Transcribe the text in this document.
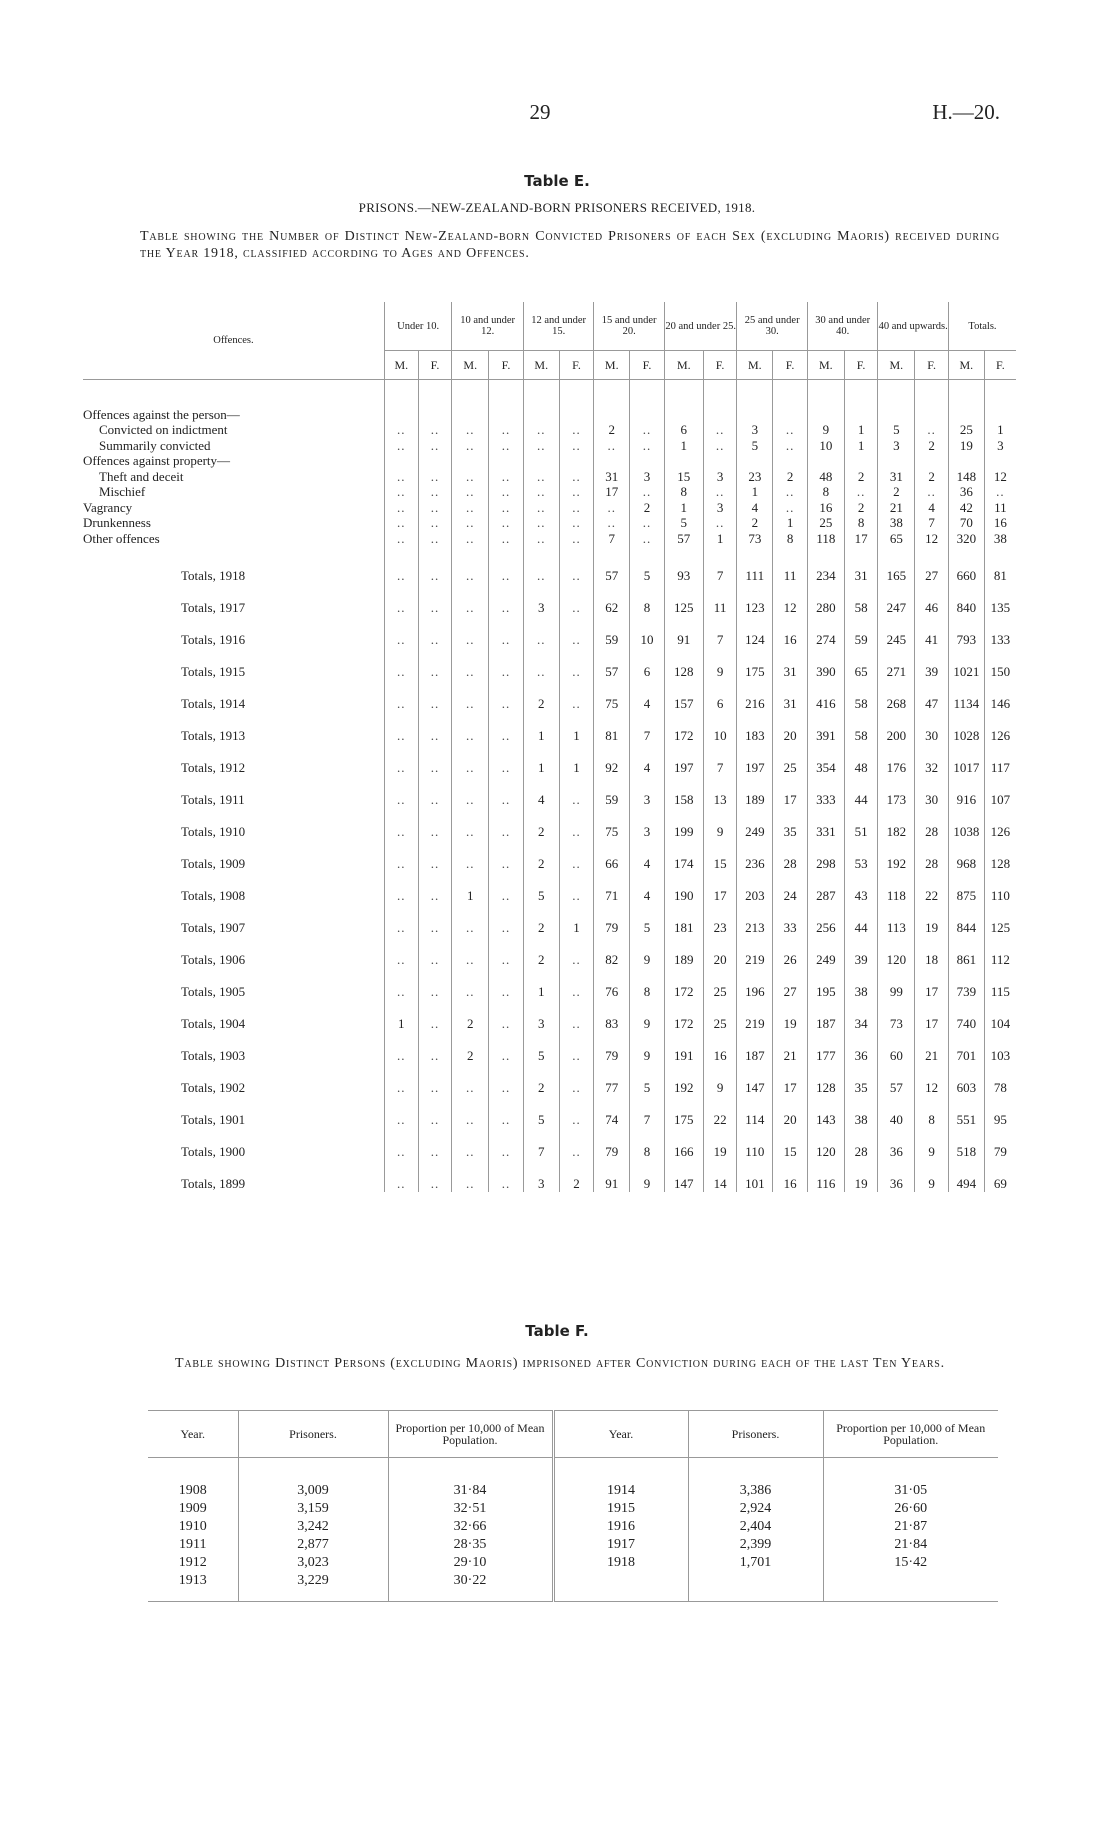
29	H.—20.
Table E.
PRISONS.—NEW-ZEALAND-BORN PRISONERS RECEIVED, 1918.
Table showing the Number of Distinct New-Zealand-born Convicted Prisoners of each Sex (excluding Maoris) received during the Year 1918, classified according to Ages and Offences.
Offences.	Under 10.		10 and under 12.		12 and under 15.		15 and under 20.		20 and under 25.		25 and under 30.		30 and under 40.		40 and upwards.		Totals.	
	M.	F.	M.	F.	M.	F.	M.	F.	M.	F.	M.	F.	M.	F.	M.	F.	M.	F.

Offences against the person—																		
Convicted on indictment	..	..	..	..	..	..	2	..	6	..	3	..	9	1	5	..	25	1
Summarily convicted	..	..	..	..	..	..	..	..	1	..	5	..	10	1	3	2	19	3
Offences against property—																		
Theft and deceit	..	..	..	..	..	..	31	3	15	3	23	2	48	2	31	2	148	12
Mischief	..	..	..	..	..	..	17	..	8	..	1	..	8	..	2	..	36	..
Vagrancy	..	..	..	..	..	..	..	2	1	3	4	..	16	2	21	4	42	11
Drunkenness	..	..	..	..	..	..	..	..	5	..	2	1	25	8	38	7	70	16
Other offences	..	..	..	..	..	..	7	..	57	1	73	8	118	17	65	12	320	38
Totals, 1918	..	..	..	..	..	..	57	5	93	7	111	11	234	31	165	27	660	81
Totals, 1917	..	..	..	..	3	..	62	8	125	11	123	12	280	58	247	46	840	135
Totals, 1916	..	..	..	..	..	..	59	10	91	7	124	16	274	59	245	41	793	133
Totals, 1915	..	..	..	..	..	..	57	6	128	9	175	31	390	65	271	39	1021	150
Totals, 1914	..	..	..	..	2	..	75	4	157	6	216	31	416	58	268	47	1134	146
Totals, 1913	..	..	..	..	1	1	81	7	172	10	183	20	391	58	200	30	1028	126
Totals, 1912	..	..	..	..	1	1	92	4	197	7	197	25	354	48	176	32	1017	117
Totals, 1911	..	..	..	..	4	..	59	3	158	13	189	17	333	44	173	30	916	107
Totals, 1910	..	..	..	..	2	..	75	3	199	9	249	35	331	51	182	28	1038	126
Totals, 1909	..	..	..	..	2	..	66	4	174	15	236	28	298	53	192	28	968	128
Totals, 1908	..	..	1	..	5	..	71	4	190	17	203	24	287	43	118	22	875	110
Totals, 1907	..	..	..	..	2	1	79	5	181	23	213	33	256	44	113	19	844	125
Totals, 1906	..	..	..	..	2	..	82	9	189	20	219	26	249	39	120	18	861	112
Totals, 1905	..	..	..	..	1	..	76	8	172	25	196	27	195	38	99	17	739	115
Totals, 1904	1	..	2	..	3	..	83	9	172	25	219	19	187	34	73	17	740	104
Totals, 1903	..	..	2	..	5	..	79	9	191	16	187	21	177	36	60	21	701	103
Totals, 1902	..	..	..	..	2	..	77	5	192	9	147	17	128	35	57	12	603	78
Totals, 1901	..	..	..	..	5	..	74	7	175	22	114	20	143	38	40	8	551	95
Totals, 1900	..	..	..	..	7	..	79	8	166	19	110	15	120	28	36	9	518	79
Totals, 1899	..	..	..	..	3	2	91	9	147	14	101	16	116	19	36	9	494	69
Table F.
Table showing Distinct Persons (excluding Maoris) imprisoned after Conviction during each of the last Ten Years.
Year.	Prisoners.	Proportion per 10,000 of Mean Population.	Year.	Prisoners.	Proportion per 10,000 of Mean Population.

1908	3,009	31·84	1914	3,386	31·05
1909	3,159	32·51	1915	2,924	26·60
1910	3,242	32·66	1916	2,404	21·87
1911	2,877	28·35	1917	2,399	21·84
1912	3,023	29·10	1918	1,701	15·42
1913	3,229	30·22			
